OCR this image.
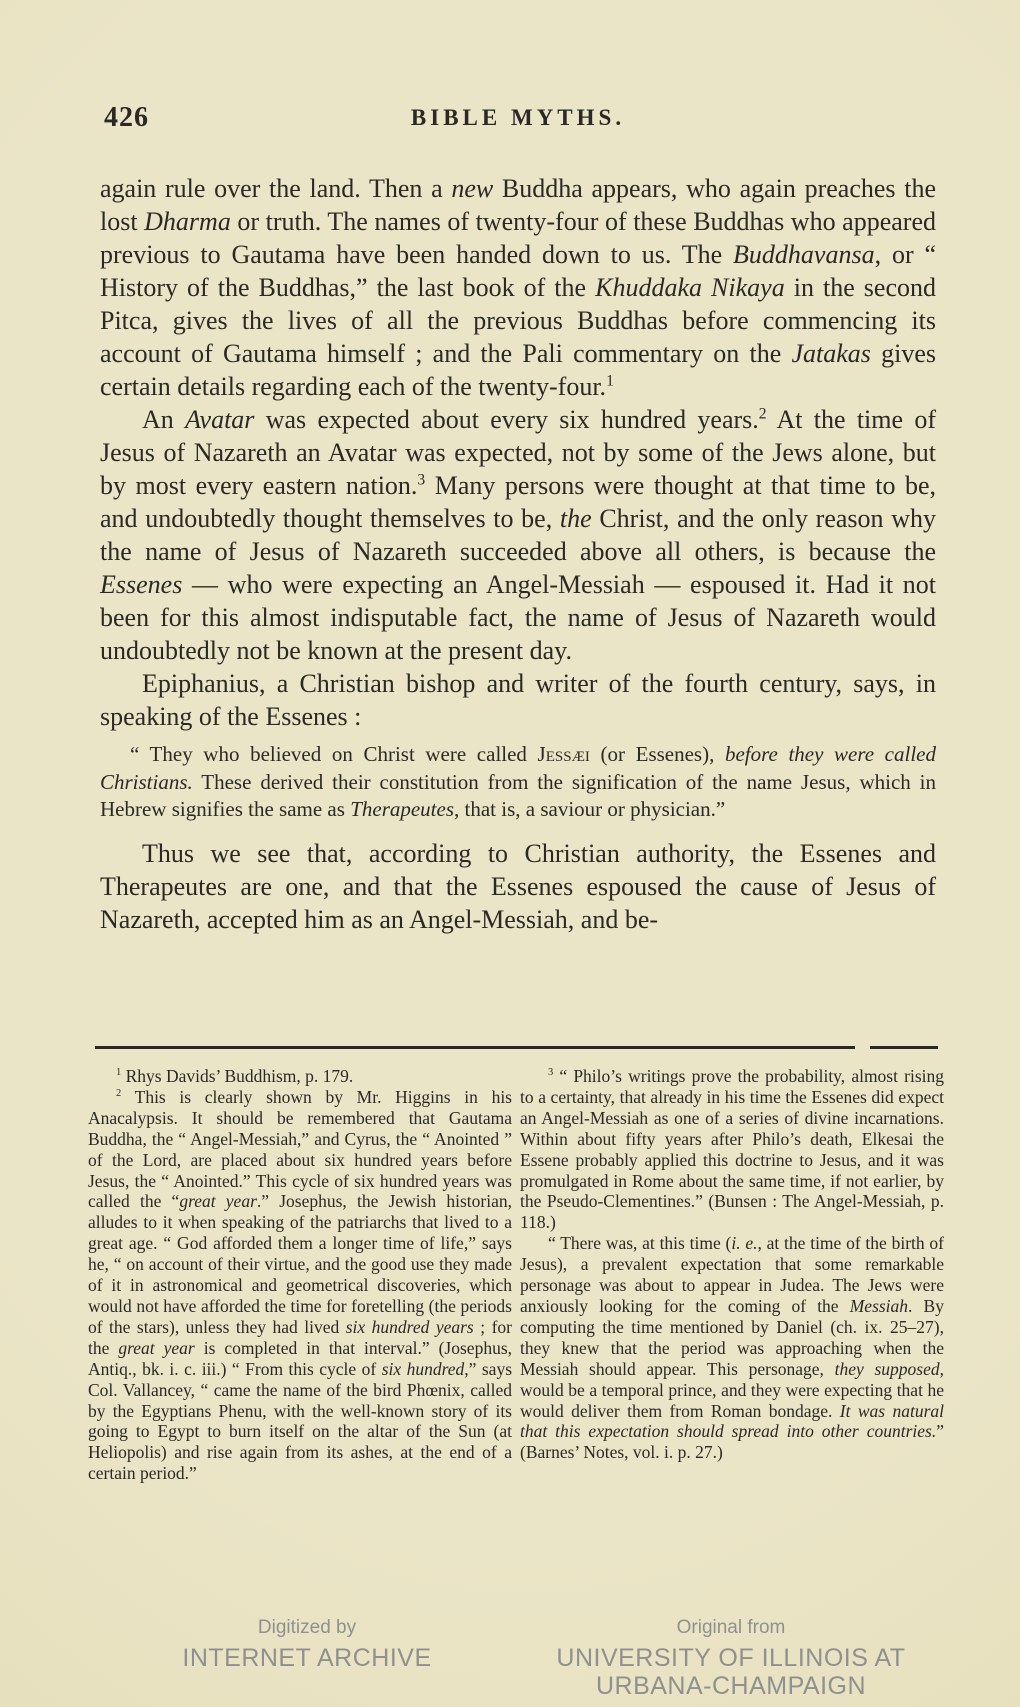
426	BIBLE MYTHS.

again rule over the land. Then a new Buddha appears, who again preaches the lost Dharma or truth. The names of twenty-four of these Buddhas who appeared previous to Gautama have been handed down to us. The Buddhavansa, or “ History of the Buddhas,” the last book of the Khuddaka Nikaya in the second Pitca, gives the lives of all the previous Buddhas before commencing its account of Gautama himself ; and the Pali commentary on the Jatakas gives certain details regarding each of the twenty-four.$^1$

An Avatar was expected about every six hundred years.$^2$ At the time of Jesus of Nazareth an Avatar was expected, not by some of the Jews alone, but by most every eastern nation.$^3$ Many persons were thought at that time to be, and undoubtedly thought themselves to be, the Christ, and the only reason why the name of Jesus of Nazareth succeeded above all others, is because the Essenes — who were expecting an Angel-Messiah — espoused it. Had it not been for this almost indisputable fact, the name of Jesus of Nazareth would undoubtedly not be known at the present day.

Epiphanius, a Christian bishop and writer of the fourth century, says, in speaking of the Essenes :

“ They who believed on Christ were called Jessæi (or Essenes), before they were called Christians. These derived their constitution from the signification of the name Jesus, which in Hebrew signifies the same as Therapeutes, that is, a saviour or physician.”

Thus we see that, according to Christian authority, the Essenes and Therapeutes are one, and that the Essenes espoused the cause of Jesus of Nazareth, accepted him as an Angel-Messiah, and be-

$^1$ Rhys Davids’ Buddhism, p. 179.

$^2$ This is clearly shown by Mr. Higgins in his Anacalypsis. It should be remembered that Gautama Buddha, the “ Angel-Messiah,” and Cyrus, the “ Anointed ” of the Lord, are placed about six hundred years before Jesus, the “ Anointed.” This cycle of six hundred years was called the “great year.” Josephus, the Jewish historian, alludes to it when speaking of the patriarchs that lived to a great age. “ God afforded them a longer time of life,” says he, “ on account of their virtue, and the good use they made of it in astronomical and geometrical discoveries, which would not have afforded the time for foretelling (the periods of the stars), unless they had lived six hundred years ; for the great year is completed in that interval.” (Josephus, Antiq., bk. i. c. iii.) “ From this cycle of six hundred,” says Col. Vallancey, “ came the name of the bird Phœnix, called by the Egyptians Phenu, with the well-known story of its going to Egypt to burn itself on the altar of the Sun (at Heliopolis) and rise again from its ashes, at the end of a certain period.”

$^3$ “ Philo’s writings prove the probability, almost rising to a certainty, that already in his time the Essenes did expect an Angel-Messiah as one of a series of divine incarnations. Within about fifty years after Philo’s death, Elkesai the Essene probably applied this doctrine to Jesus, and it was promulgated in Rome about the same time, if not earlier, by the Pseudo-Clementines.” (Bunsen : The Angel-Messiah, p. 118.)

“ There was, at this time (i. e., at the time of the birth of Jesus), a prevalent expectation that some remarkable personage was about to appear in Judea. The Jews were anxiously looking for the coming of the Messiah. By computing the time mentioned by Daniel (ch. ix. 25–27), they knew that the period was approaching when the Messiah should appear. This personage, they supposed, would be a temporal prince, and they were expecting that he would deliver them from Roman bondage. It was natural that this expectation should spread into other countries.” (Barnes’ Notes, vol. i. p. 27.)

Digitized by
INTERNET ARCHIVE
Original from
UNIVERSITY OF ILLINOIS AT
URBANA-CHAMPAIGN
